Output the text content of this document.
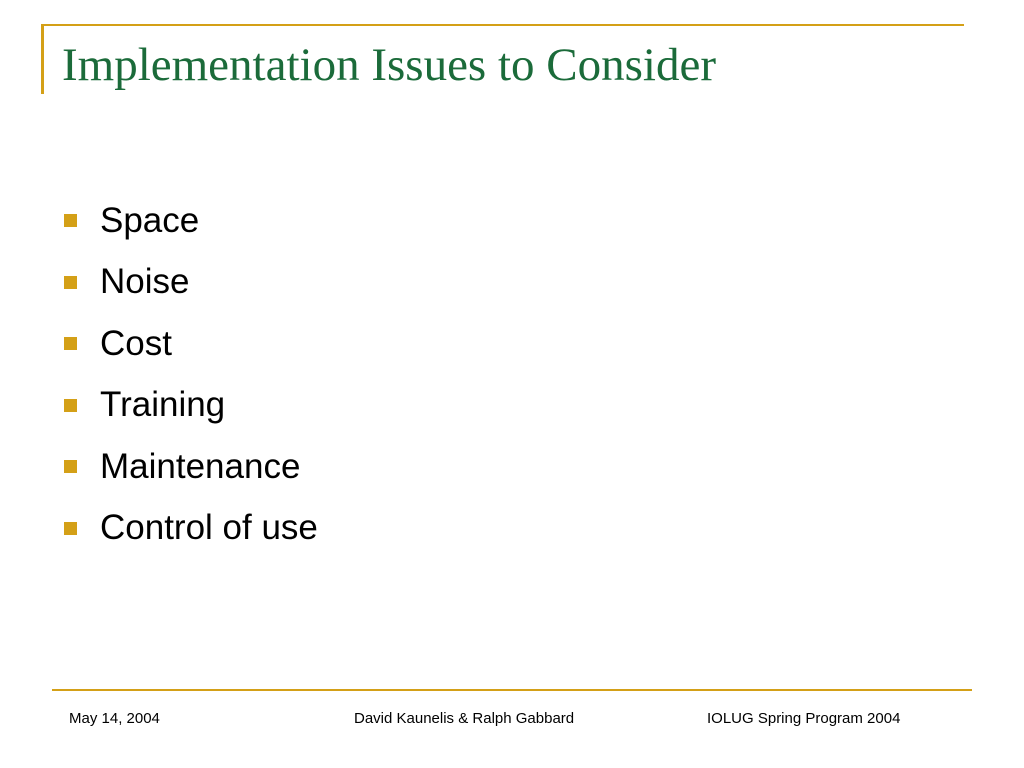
Implementation Issues to Consider
Space
Noise
Cost
Training
Maintenance
Control of use
May 14, 2004	David Kaunelis & Ralph Gabbard	IOLUG Spring Program 2004
